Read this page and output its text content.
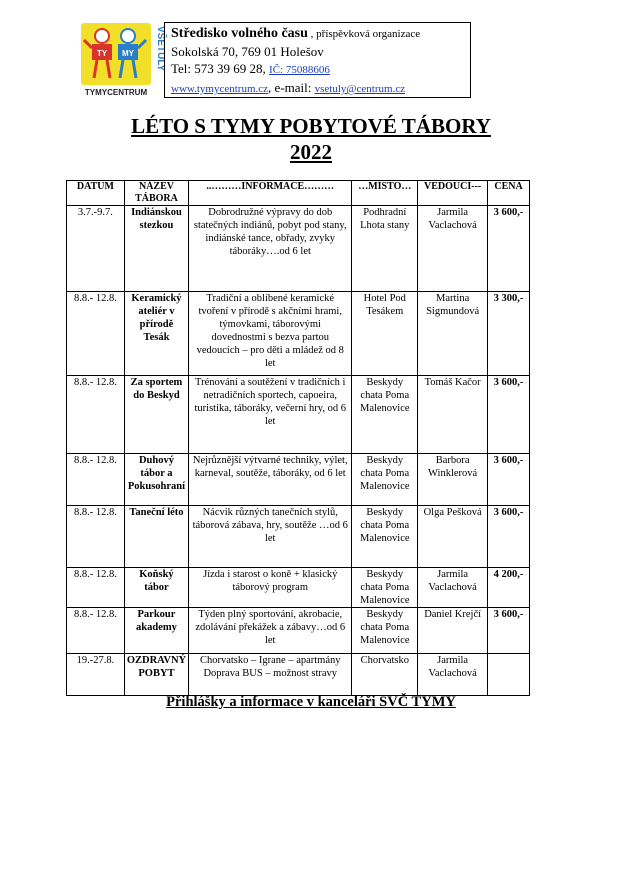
TY MY VŠETULY
TYMYCENTRUM
Středisko volného času , příspěvková organizace
Sokolská 70, 769 01 Holešov
Tel: 573 39 69 28, IČ: 75088606
www.tymycentrum.cz, e-mail: vsetuly@centrum.cz
LÉTO S TYMY POBYTOVÉ TÁBORY
2022
DATUM	NÁZEV TÁBORA	..………INFORMACE………	…MÍSTO…	VEDOUCÍ---	CENA
3.7.-9.7.	Indiánskou stezkou	Dobrodružné výpravy do dob statečných indiánů, pobyt pod stany, indiánské tance, obřady, zvyky táboráky….od 6 let	Podhradní Lhota stany	Jarmila Vaclachová	3 600,-
8.8.- 12.8.	Keramický ateliér v přírodě Tesák	Tradiční a oblíbené keramické tvoření v přírodě s akčními hrami, týmovkami, táborovými dovednostmi s bezva partou vedoucích – pro děti a mládež od 8 let	Hotel Pod Tesákem	Martina Sigmundová	3 300,-
8.8.- 12.8.	Za sportem do Beskyd	Trénování a soutěžení v tradičních i netradičních sportech, capoeira, turistika, táboráky, večerní hry, od 6 let	Beskydy chata Poma Malenovice	Tomáš Kačor	3 600,-
8.8.- 12.8.	Duhový tábor a Pokusohraní	Nejrůznější výtvarné techniky, výlet, karneval, soutěže, táboráky, od 6 let	Beskydy chata Poma Malenovice	Barbora Winklerová	3 600,-
8.8.- 12.8.	Taneční léto	Nácvik různých tanečních stylů, táborová zábava, hry, soutěže …od 6 let	Beskydy chata Poma Malenovice	Olga Pešková	3 600,-
8.8.- 12.8.	Koňský tábor	Jízda i starost o koně + klasický táborový program	Beskydy chata Poma Malenovice	Jarmila Vaclachová	4 200,-
8.8.- 12.8.	Parkour akademy	Týden plný sportování, akrobacie, zdolávání překážek a zábavy…od 6 let	Beskydy chata Poma Malenovice	Daniel Krejčí	3 600,-
19.-27.8.	OZDRAVNÝ POBYT	Chorvatsko – Igrane – apartmány Doprava BUS – možnost stravy	Chorvatsko	Jarmila Vaclachová	
Přihlášky a informace v kanceláři SVČ TYMY
